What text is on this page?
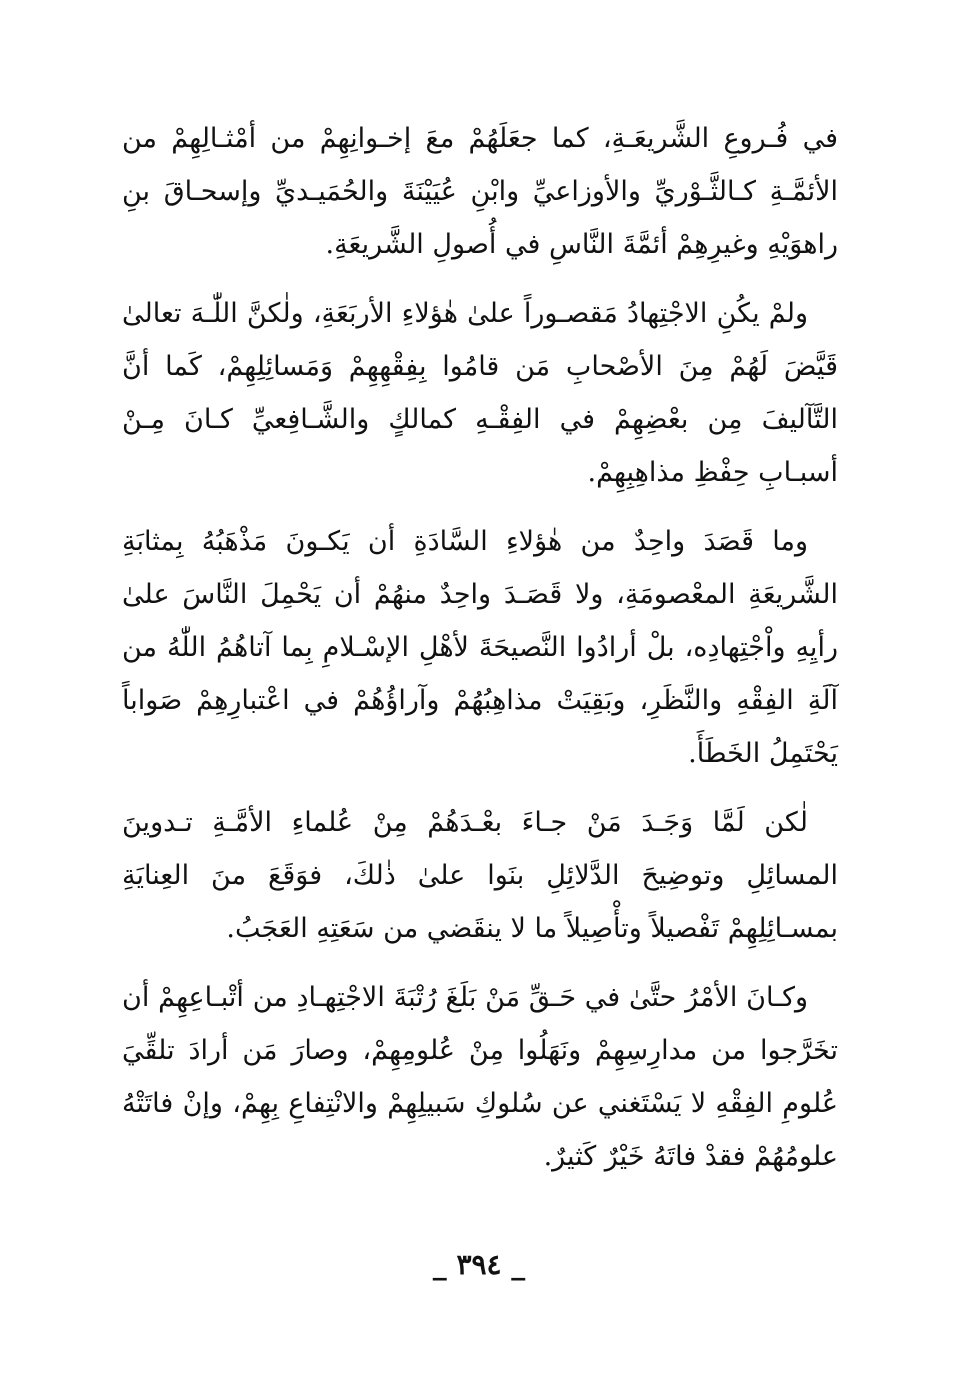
في فُـروعِ الشَّريعَـةِ، كما جعَلَهُمْ معَ إخـوانِهِمْ من أمْثـالِهِمْ من الأئمَّـةِ كـالثَّـوْريِّ والأوزاعيِّ وابْنِ عُيَيْنَةَ والحُمَيـديِّ وإسحـاقَ بنِ راهوَيْهِ وغيرِهِمْ أئمَّةَ النَّاسِ في أُصولِ الشَّريعَةِ.

ولمْ يكُنِ الاجْتِهادُ مَقصـوراً علىٰ هٰؤلاءِ الأربَعَةِ، ولٰكنَّ اللّٰـهَ تعالىٰ قَيَّضَ لَهُمْ مِنَ الأصْحابِ مَن قامُوا بِفِقْهِهِمْ وَمَسائِلِهِمْ، كَما أنَّ التَّآليفَ مِن بعْضِهِمْ في الفِقْـهِ كمالكٍ والشَّـافِعيِّ كـانَ مِـنْ أسبـابِ حِفْظِ مذاهِبِهِمْ.

وما قَصَدَ واحِدٌ من هٰؤلاءِ السَّادَةِ أن يَكـونَ مَذْهَبُهُ بِمثابَةِ الشَّريعَةِ المعْصومَةِ، ولا قَصَـدَ واحِدٌ منهُمْ أن يَحْمِلَ النَّاسَ علىٰ رأيِهِ واْجْتِهادِه، بلْ أرادُوا النَّصيحَةَ لأهْلِ الإسْـلامِ بِما آتاهُمُ اللّٰهُ من آلَةِ الفِقْهِ والنَّظَرِ، وبَقِيَتْ مذاهِبُهُمْ وآراؤُهُمْ في اعْتبارِهِمْ صَواباً يَحْتَمِلُ الخَطَأَ.

لٰكن لَمَّا وَجَـدَ مَنْ جـاءَ بعْـدَهُمْ مِنْ عُلماءِ الأمَّـةِ تـدوينَ المسائِلِ وتوضِيحَ الدَّلائِلِ بنَوا علىٰ ذٰلكَ، فوَقَعَ منَ العِنايَةِ بمسـائِلِهِمْ تَفْصيلاً وتأْصِيلاً ما لا ينقَضي من سَعَتِهِ العَجَبُ.

وكـانَ الأمْرُ حتَّىٰ في حَـقِّ مَنْ بَلَغَ رُتْبَةَ الاجْتِهـادِ من أتْبـاعِهِمْ أن تخَرَّجوا من مدارِسِهِمْ ونَهَلُوا مِنْ عُلومِهِمْ، وصارَ مَن أرادَ تلقِّيَ عُلومِ الفِقْهِ لا يَسْتَغني عن سُلوكِ سَبيلِهِمْ والانْتِفاعِ بِهِمْ، وإنْ فاتَتْهُ علومُهُمْ فقدْ فاتَهُ خَيْرٌ كَثيرٌ.

_ ٣٩٤ _
